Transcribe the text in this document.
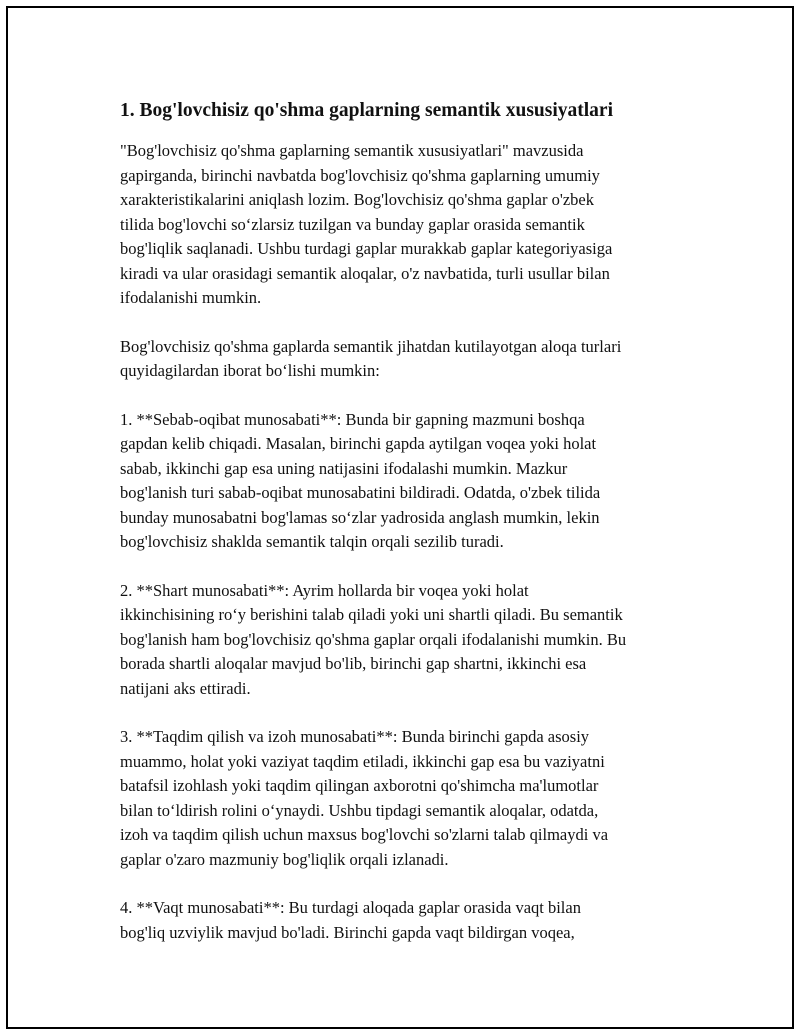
1. Bog'lovchisiz qo'shma gaplarning semantik xususiyatlari

"Bog'lovchisiz qo'shma gaplarning semantik xususiyatlari" mavzusida
gapirganda, birinchi navbatda bog'lovchisiz qo'shma gaplarning umumiy
xarakteristikalarini aniqlash lozim. Bog'lovchisiz qo'shma gaplar o'zbek
tilida bog'lovchi so‘zlarsiz tuzilgan va bunday gaplar orasida semantik
bog'liqlik saqlanadi. Ushbu turdagi gaplar murakkab gaplar kategoriyasiga
kiradi va ular orasidagi semantik aloqalar, o'z navbatida, turli usullar bilan
ifodalanishi mumkin.

Bog'lovchisiz qo'shma gaplarda semantik jihatdan kutilayotgan aloqa turlari
quyidagilardan iborat bo‘lishi mumkin:

1. **Sebab-oqibat munosabati**: Bunda bir gapning mazmuni boshqa
gapdan kelib chiqadi. Masalan, birinchi gapda aytilgan voqea yoki holat
sabab, ikkinchi gap esa uning natijasini ifodalashi mumkin. Mazkur
bog'lanish turi sabab-oqibat munosabatini bildiradi. Odatda, o'zbek tilida
bunday munosabatni bog'lamas so‘zlar yadrosida anglash mumkin, lekin
bog'lovchisiz shaklda semantik talqin orqali sezilib turadi.

2. **Shart munosabati**: Ayrim hollarda bir voqea yoki holat
ikkinchisining ro‘y berishini talab qiladi yoki uni shartli qiladi. Bu semantik
bog'lanish ham bog'lovchisiz qo'shma gaplar orqali ifodalanishi mumkin. Bu
borada shartli aloqalar mavjud bo'lib, birinchi gap shartni, ikkinchi esa
natijani aks ettiradi.

3. **Taqdim qilish va izoh munosabati**: Bunda birinchi gapda asosiy
muammo, holat yoki vaziyat taqdim etiladi, ikkinchi gap esa bu vaziyatni
batafsil izohlash yoki taqdim qilingan axborotni qo'shimcha ma'lumotlar
bilan to‘ldirish rolini o‘ynaydi. Ushbu tipdagi semantik aloqalar, odatda,
izoh va taqdim qilish uchun maxsus bog'lovchi so'zlarni talab qilmaydi va
gaplar o'zaro mazmuniy bog'liqlik orqali izlanadi.

4. **Vaqt munosabati**: Bu turdagi aloqada gaplar orasida vaqt bilan
bog'liq uzviylik mavjud bo'ladi. Birinchi gapda vaqt bildirgan voqea,
